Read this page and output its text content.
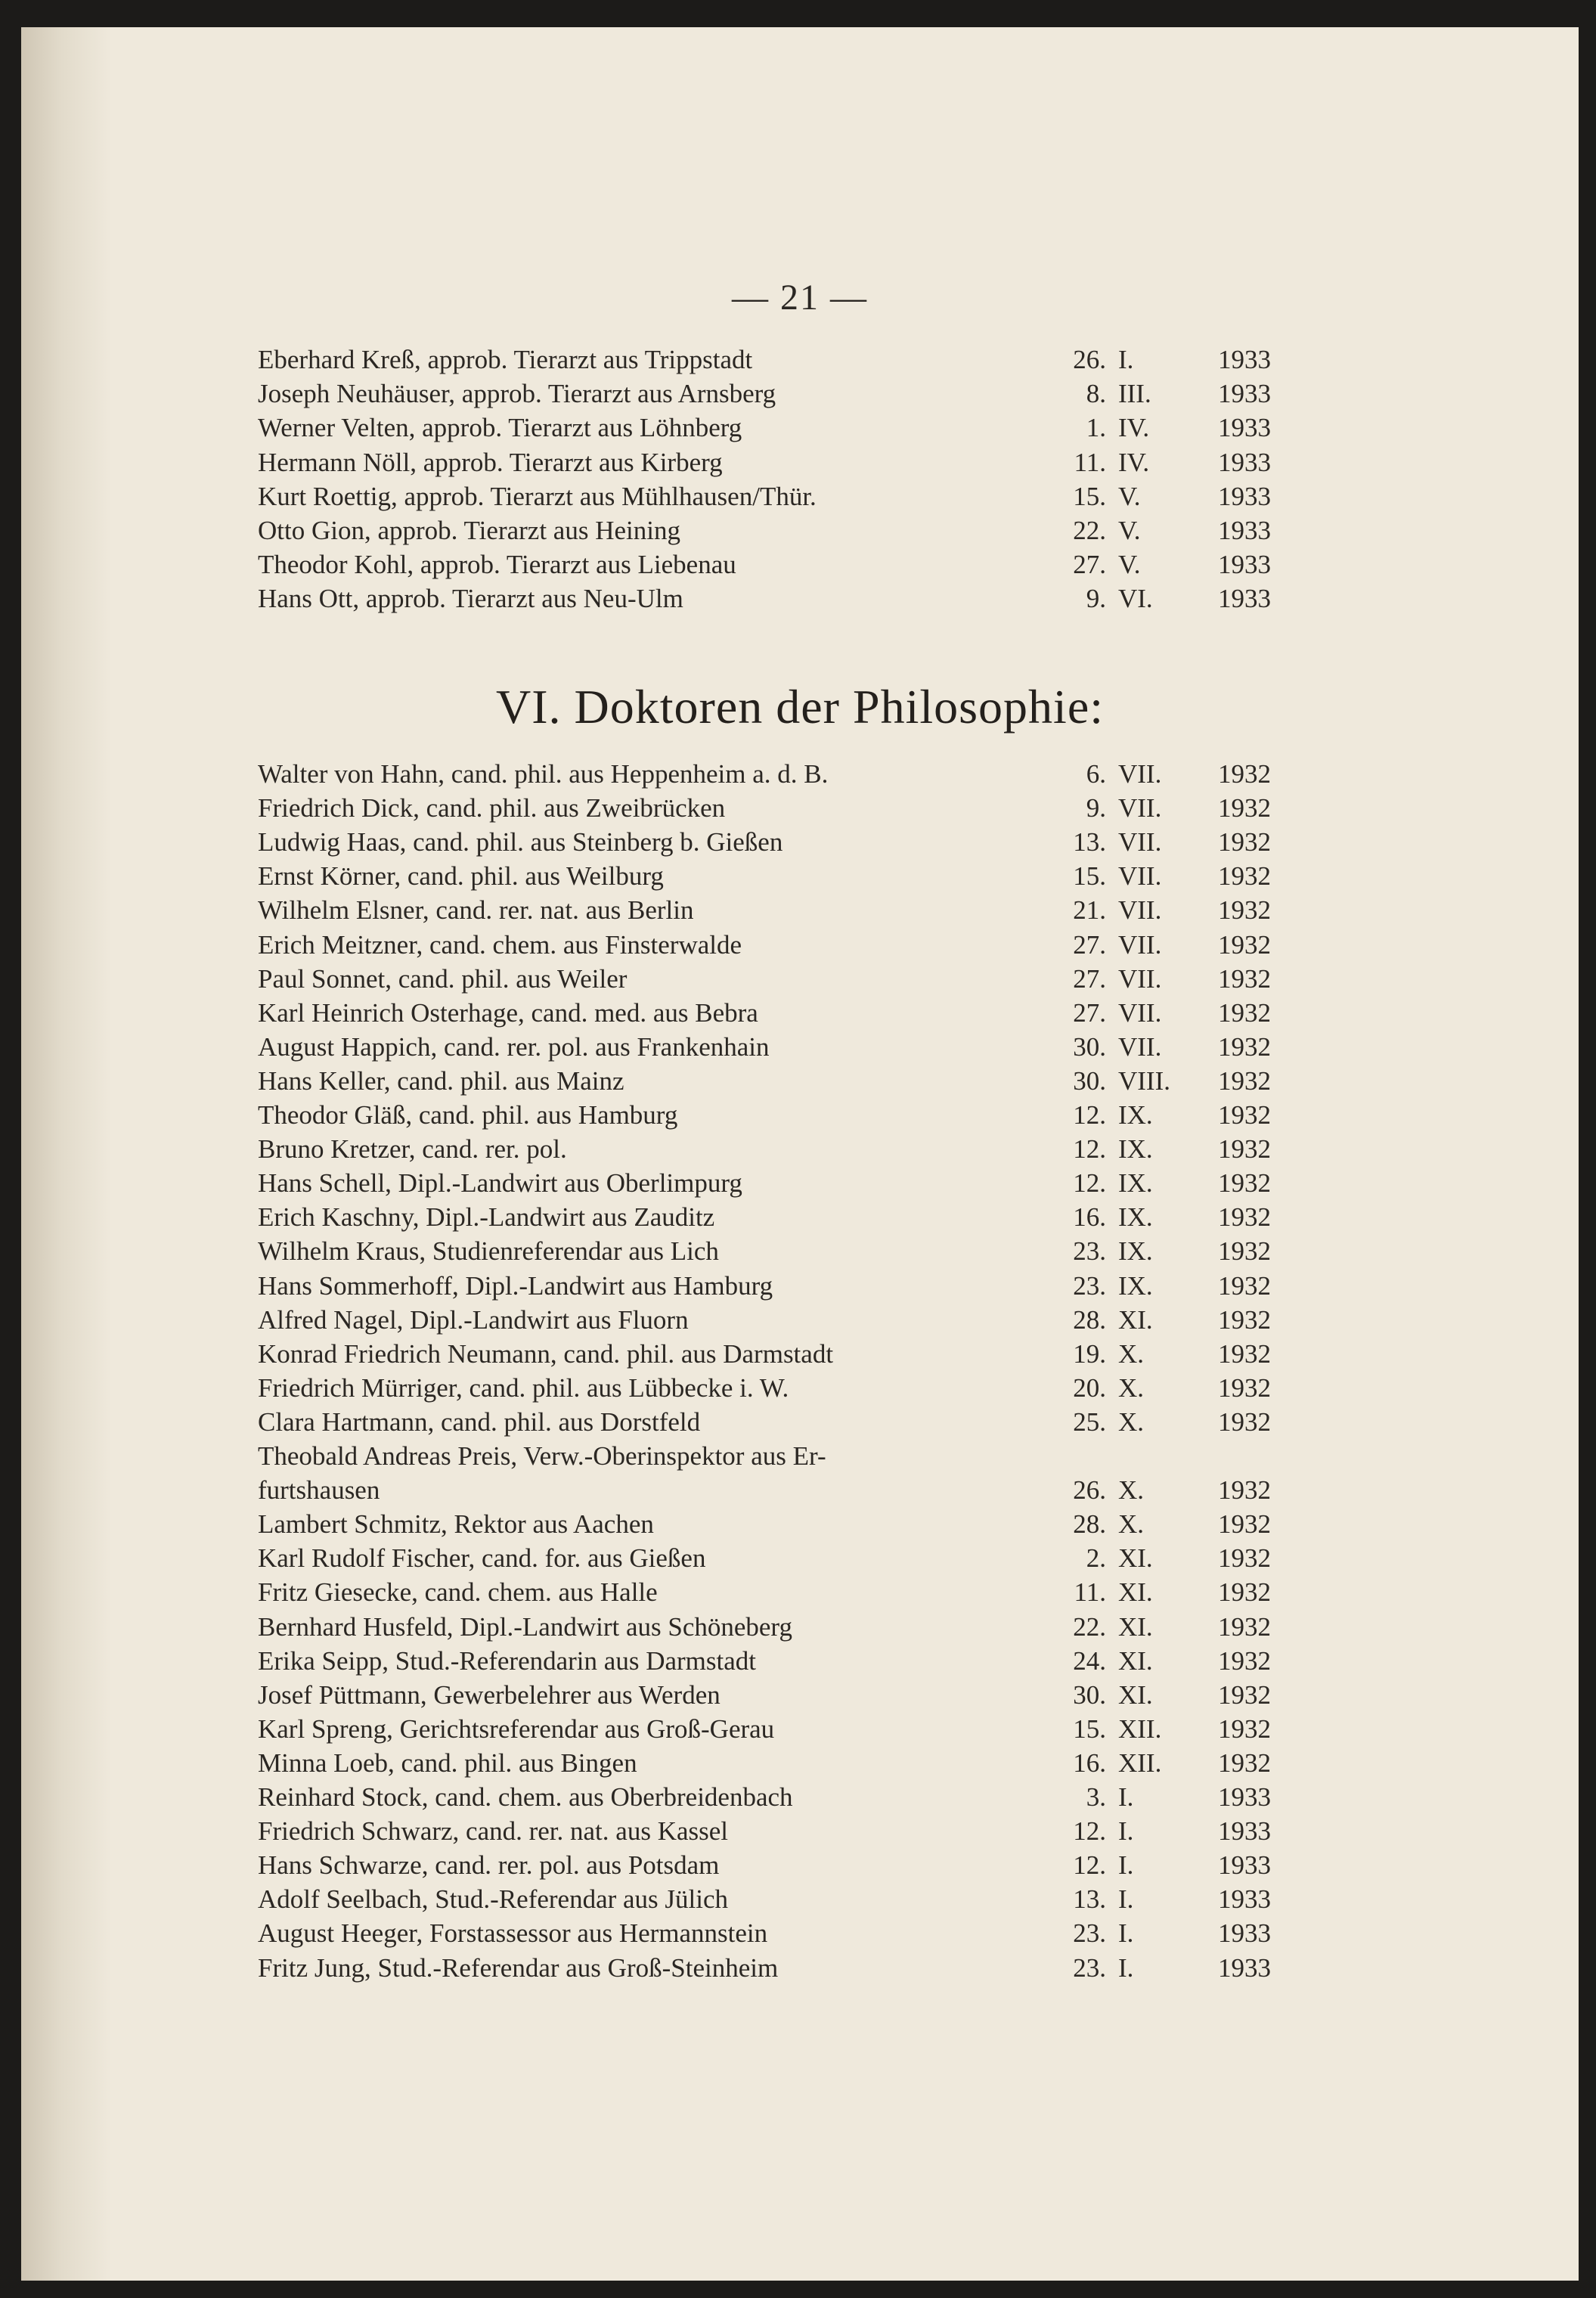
— 21 —
Eberhard Kreß, approb. Tierarzt aus Trippstadt	26. I.	1933
Joseph Neuhäuser, approb. Tierarzt aus Arnsberg	8. III.	1933
Werner Velten, approb. Tierarzt aus Löhnberg	1. IV.	1933
Hermann Nöll, approb. Tierarzt aus Kirberg	11. IV.	1933
Kurt Roettig, approb. Tierarzt aus Mühlhausen/Thür.	15. V.	1933
Otto Gion, approb. Tierarzt aus Heining	22. V.	1933
Theodor Kohl, approb. Tierarzt aus Liebenau	27. V.	1933
Hans Ott, approb. Tierarzt aus Neu-Ulm	9. VI.	1933
VI. Doktoren der Philosophie:
Walter von Hahn, cand. phil. aus Heppenheim a. d. B.	6. VII.	1932
Friedrich Dick, cand. phil. aus Zweibrücken	9. VII.	1932
Ludwig Haas, cand. phil. aus Steinberg b. Gießen	13. VII.	1932
Ernst Körner, cand. phil. aus Weilburg	15. VII.	1932
Wilhelm Elsner, cand. rer. nat. aus Berlin	21. VII.	1932
Erich Meitzner, cand. chem. aus Finsterwalde	27. VII.	1932
Paul Sonnet, cand. phil. aus Weiler	27. VII.	1932
Karl Heinrich Osterhage, cand. med. aus Bebra	27. VII.	1932
August Happich, cand. rer. pol. aus Frankenhain	30. VII.	1932
Hans Keller, cand. phil. aus Mainz	30. VIII.	1932
Theodor Gläß, cand. phil. aus Hamburg	12. IX.	1932
Bruno Kretzer, cand. rer. pol.	12. IX.	1932
Hans Schell, Dipl.-Landwirt aus Oberlimpurg	12. IX.	1932
Erich Kaschny, Dipl.-Landwirt aus Zauditz	16. IX.	1932
Wilhelm Kraus, Studienreferendar aus Lich	23. IX.	1932
Hans Sommerhoff, Dipl.-Landwirt aus Hamburg	23. IX.	1932
Alfred Nagel, Dipl.-Landwirt aus Fluorn	28. XI.	1932
Konrad Friedrich Neumann, cand. phil. aus Darmstadt	19. X.	1932
Friedrich Mürriger, cand. phil. aus Lübbecke i. W.	20. X.	1932
Clara Hartmann, cand. phil. aus Dorstfeld	25. X.	1932
Theobald Andreas Preis, Verw.-Oberinspektor aus Er-
furtshausen	26. X.	1932
Lambert Schmitz, Rektor aus Aachen	28. X.	1932
Karl Rudolf Fischer, cand. for. aus Gießen	2. XI.	1932
Fritz Giesecke, cand. chem. aus Halle	11. XI.	1932
Bernhard Husfeld, Dipl.-Landwirt aus Schöneberg	22. XI.	1932
Erika Seipp, Stud.-Referendarin aus Darmstadt	24. XI.	1932
Josef Püttmann, Gewerbelehrer aus Werden	30. XI.	1932
Karl Spreng, Gerichtsreferendar aus Groß-Gerau	15. XII.	1932
Minna Loeb, cand. phil. aus Bingen	16. XII.	1932
Reinhard Stock, cand. chem. aus Oberbreidenbach	3. I.	1933
Friedrich Schwarz, cand. rer. nat. aus Kassel	12. I.	1933
Hans Schwarze, cand. rer. pol. aus Potsdam	12. I.	1933
Adolf Seelbach, Stud.-Referendar aus Jülich	13. I.	1933
August Heeger, Forstassessor aus Hermannstein	23. I.	1933
Fritz Jung, Stud.-Referendar aus Groß-Steinheim	23. I.	1933
